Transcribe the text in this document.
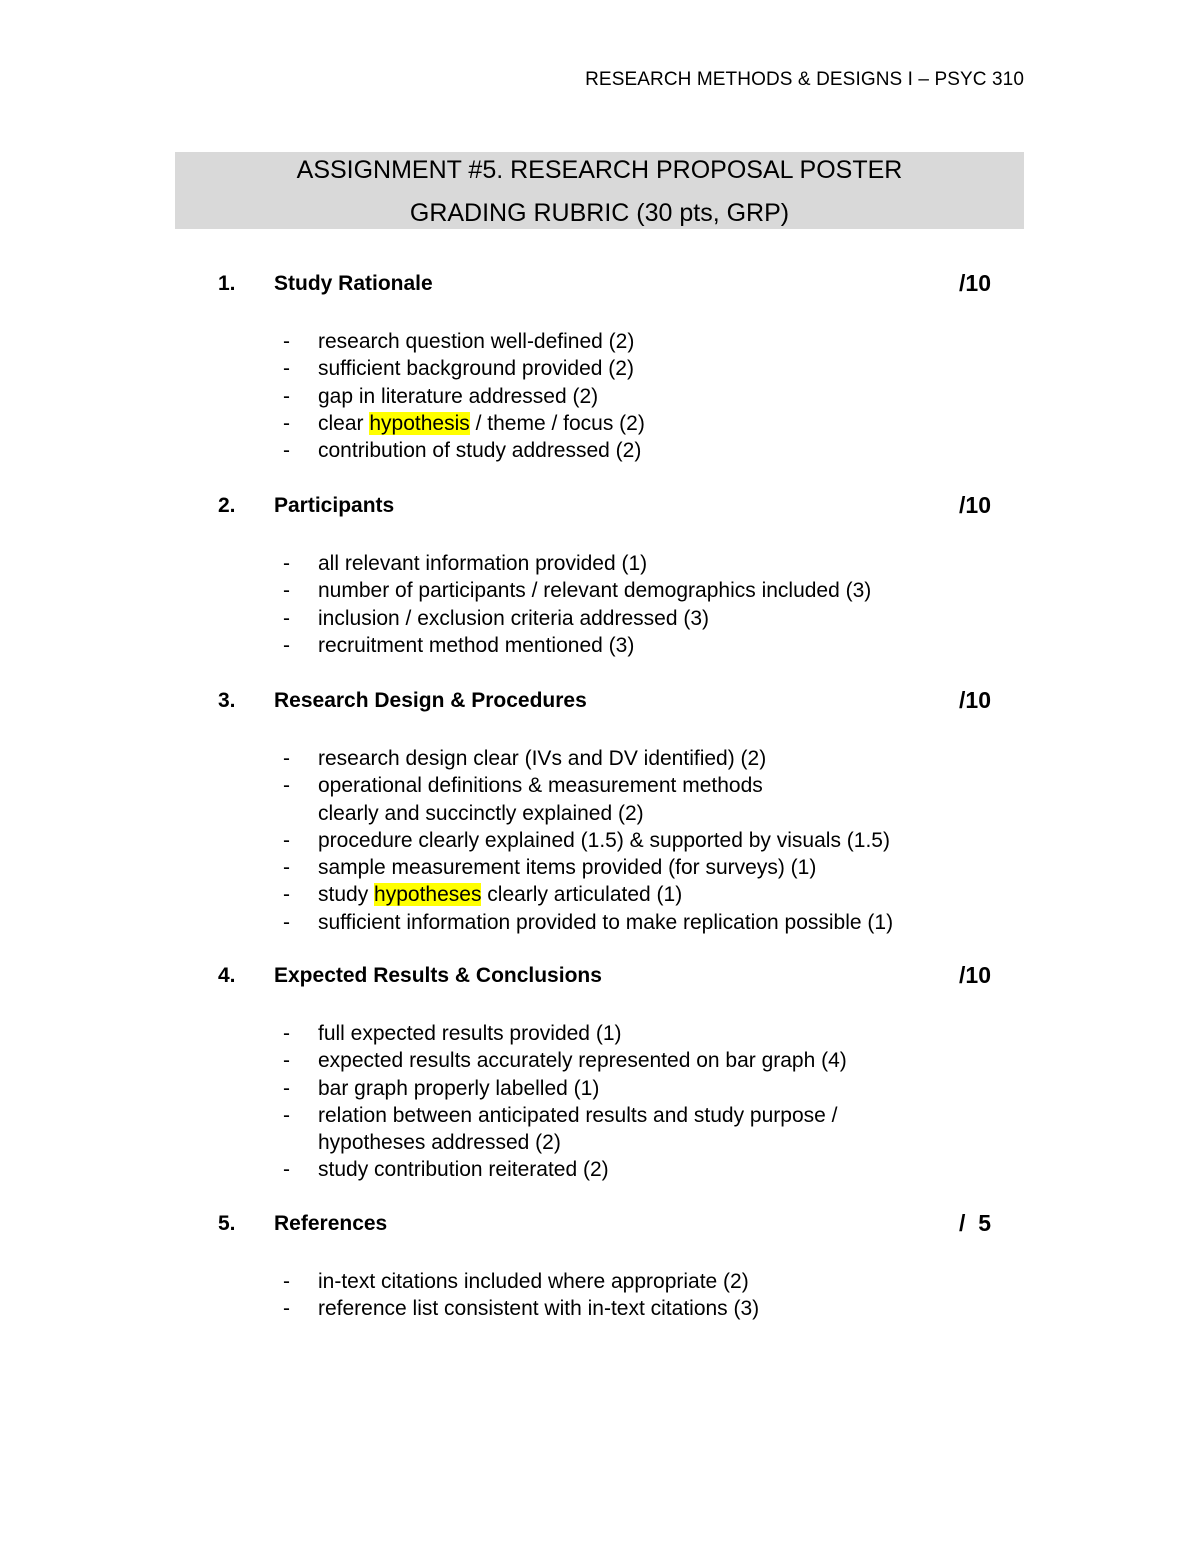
RESEARCH METHODS & DESIGNS I – PSYC 310
ASSIGNMENT #5. RESEARCH PROPOSAL POSTER
GRADING RUBRIC (30 pts, GRP)
1. Study Rationale	/10
- research question well-defined (2)
- sufficient background provided (2)
- gap in literature addressed (2)
- clear hypothesis / theme / focus (2)
- contribution of study addressed (2)
2. Participants	/10
- all relevant information provided (1)
- number of participants / relevant demographics included (3)
- inclusion / exclusion criteria addressed (3)
- recruitment method mentioned (3)
3. Research Design & Procedures	/10
- research design clear (IVs and DV identified) (2)
- operational definitions & measurement methods
clearly and succinctly explained (2)
- procedure clearly explained (1.5) & supported by visuals (1.5)
- sample measurement items provided (for surveys) (1)
- study hypotheses clearly articulated (1)
- sufficient information provided to make replication possible (1)
4. Expected Results & Conclusions	/10
- full expected results provided (1)
- expected results accurately represented on bar graph (4)
- bar graph properly labelled (1)
- relation between anticipated results and study purpose /
hypotheses addressed (2)
- study contribution reiterated (2)
5. References	/  5
- in-text citations included where appropriate (2)
- reference list consistent with in-text citations (3)
